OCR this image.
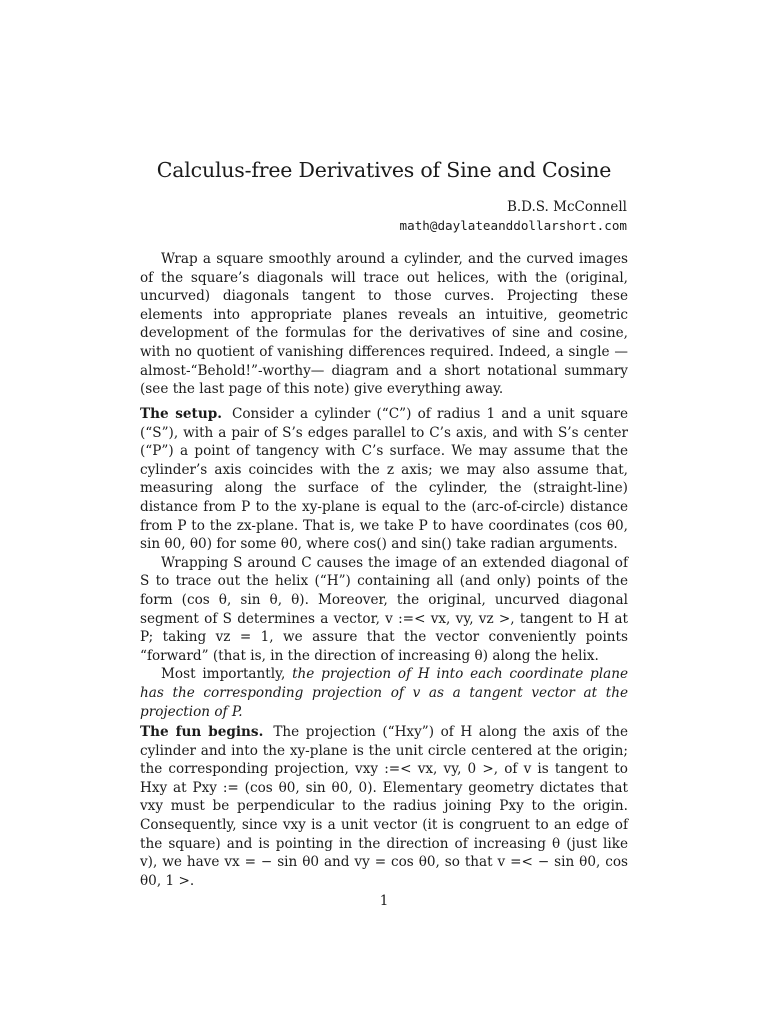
Calculus-free Derivatives of Sine and Cosine
B.D.S. McConnell
math@daylateanddollarshort.com

Wrap a square smoothly around a cylinder, and the curved images of the square’s diagonals will trace out helices, with the (original, uncurved) diagonals tangent to those curves. Projecting these elements into appropriate planes reveals an intuitive, geometric development of the formulas for the derivatives of sine and cosine, with no quotient of vanishing differences required. Indeed, a single —almost-“Behold!”-worthy— diagram and a short notational summary (see the last page of this note) give everything away.

The setup. Consider a cylinder (“C”) of radius 1 and a unit square (“S”), with a pair of S’s edges parallel to C’s axis, and with S’s center (“P”) a point of tangency with C’s surface. We may assume that the cylinder’s axis coincides with the z axis; we may also assume that, measuring along the surface of the cylinder, the (straight-line) distance from P to the xy-plane is equal to the (arc-of-circle) distance from P to the zx-plane. That is, we take P to have coordinates (cos θ0, sin θ0, θ0) for some θ0, where cos() and sin() take radian arguments.

Wrapping S around C causes the image of an extended diagonal of S to trace out the helix (“H”) containing all (and only) points of the form (cos θ, sin θ, θ). Moreover, the original, uncurved diagonal segment of S determines a vector, v :=< vx, vy, vz >, tangent to H at P; taking vz = 1, we assure that the vector conveniently points “forward” (that is, in the direction of increasing θ) along the helix.

Most importantly, the projection of H into each coordinate plane has the corresponding projection of v as a tangent vector at the projection of P.

The fun begins. The projection (“Hxy”) of H along the axis of the cylinder and into the xy-plane is the unit circle centered at the origin; the corresponding projection, vxy :=< vx, vy, 0 >, of v is tangent to Hxy at Pxy := (cos θ0, sin θ0, 0). Elementary geometry dictates that vxy must be perpendicular to the radius joining Pxy to the origin. Consequently, since vxy is a unit vector (it is congruent to an edge of the square) and is pointing in the direction of increasing θ (just like v), we have vx = − sin θ0 and vy = cos θ0, so that v =< − sin θ0, cos θ0, 1 >.

1
